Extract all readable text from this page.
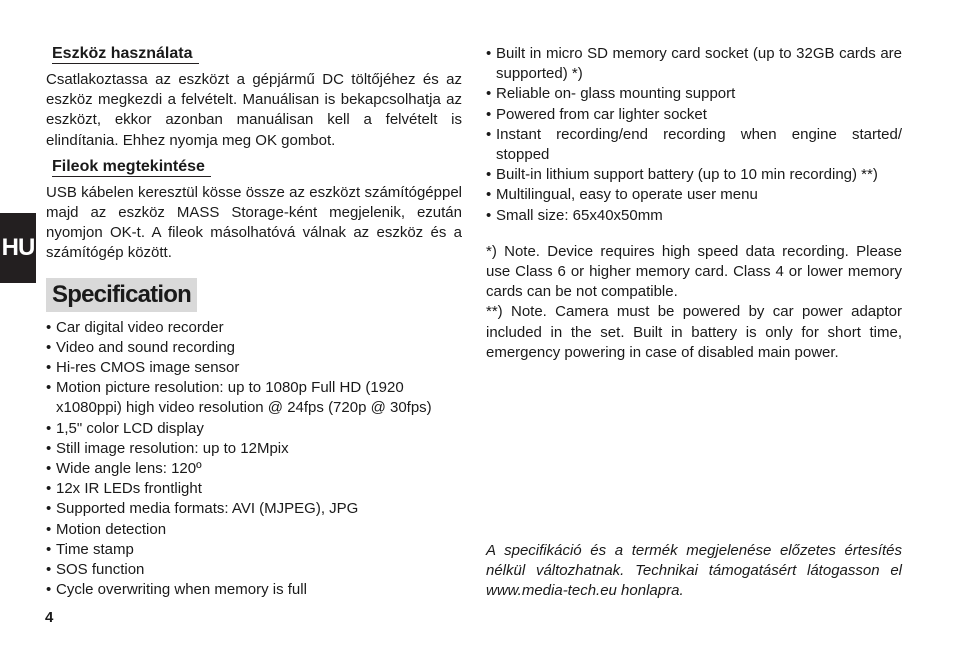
HU
Eszköz használata

Csatlakoztassa az eszközt a gépjármű DC töltőjéhez és az eszköz megkezdi a felvételt. Manuálisan is bekapcsolhatja az eszközt, ekkor azonban manuálisan kell a felvételt is elindítania. Ehhez nyomja meg OK gombot.

Fileok megtekintése

USB kábelen keresztül kösse össze az eszközt számítógéppel majd az eszköz MASS Storage-ként megjelenik, ezután nyomjon OK-t. A fileok másolhatóvá válnak az eszköz és a számítógép között.

Specification
• Car digital video recorder
• Video and sound recording
• Hi-res CMOS image sensor
• Motion picture resolution: up to 1080p Full HD (1920 x1080ppi) high video resolution @ 24fps (720p @ 30fps)
• 1,5" color LCD display
• Still image resolution: up to 12Mpix
• Wide angle lens: 120º
• 12x IR LEDs frontlight
• Supported media formats: AVI (MJPEG), JPG
• Motion detection
• Time stamp
• SOS function
• Cycle overwriting when memory is full
• Built in micro SD memory card socket (up to 32GB cards are supported) *)
• Reliable on- glass mounting support
• Powered from car lighter socket
• Instant recording/end recording when engine started/ stopped
• Built-in lithium support battery (up to 10 min recording) **)
• Multilingual, easy to operate user menu
• Small size: 65x40x50mm

*) Note. Device requires high speed data recording. Please use Class 6 or higher memory card. Class 4 or lower memory cards can be not compatible.

**) Note. Camera must be powered by car power adaptor included in the set. Built in battery is only for short time, emergency powering in case of disabled main power.

A specifikáció és a termék megjelenése előzetes értesítés nélkül változhatnak. Technikai támogatásért látogasson el www.media-tech.eu honlapra.
4
